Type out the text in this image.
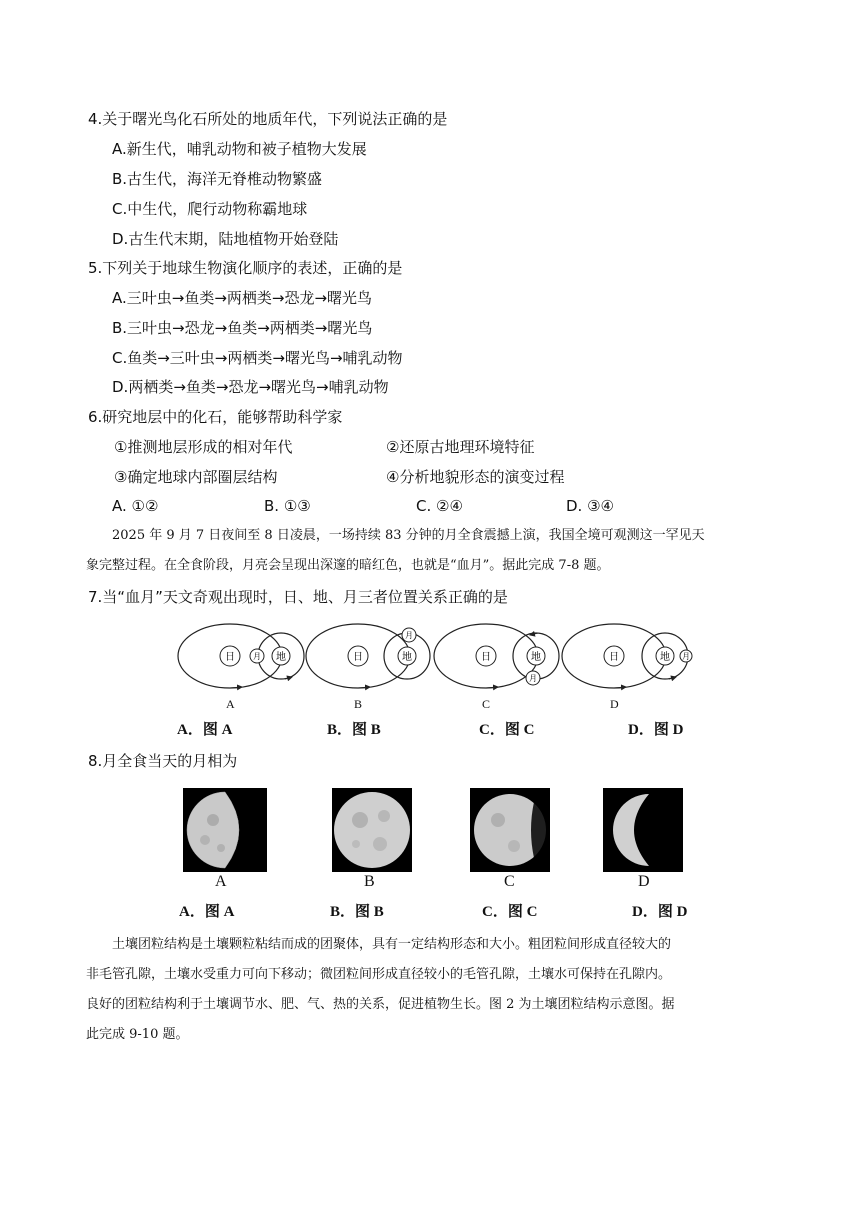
4.关于曙光鸟化石所处的地质年代，下列说法正确的是
A.新生代，哺乳动物和被子植物大发展
B.古生代，海洋无脊椎动物繁盛
C.中生代，爬行动物称霸地球
D.古生代末期，陆地植物开始登陆
5.下列关于地球生物演化顺序的表述，正确的是
A.三叶虫→鱼类→两栖类→恐龙→曙光鸟
B.三叶虫→恐龙→鱼类→两栖类→曙光鸟
C.鱼类→三叶虫→两栖类→曙光鸟→哺乳动物
D.两栖类→鱼类→恐龙→曙光鸟→哺乳动物
6.研究地层中的化石，能够帮助科学家
①推测地层形成的相对年代	②还原古地理环境特征
③确定地球内部圈层结构	④分析地貌形态的演变过程
A. ①②	B. ①③	C. ②④	D. ③④

2025 年 9 月 7 日夜间至 8 日凌晨，一场持续 83 分钟的月全食震撼上演，我国全境可观测这一罕见天

象完整过程。在全食阶段，月亮会呈现出深邃的暗红色，也就是“血月”。据此完成 7-8 题。

7.当“血月”天文奇观出现时，日、地、月三者位置关系正确的是
日 月 地	日	地
月
日	地
月
日	地 月
A	B	C	D
A．图 A	B．图 B	C．图 C	D．图 D
8.月全食当天的月相为
A	B	C	D
A．图 A	B．图 B	C．图 C	D．图 D

土壤团粒结构是土壤颗粒粘结而成的团聚体，具有一定结构形态和大小。粗团粒间形成直径较大的

非毛管孔隙，土壤水受重力可向下移动；微团粒间形成直径较小的毛管孔隙，土壤水可保持在孔隙内。

良好的团粒结构利于土壤调节水、肥、气、热的关系，促进植物生长。图 2 为土壤团粒结构示意图。据

此完成 9-10 题。
